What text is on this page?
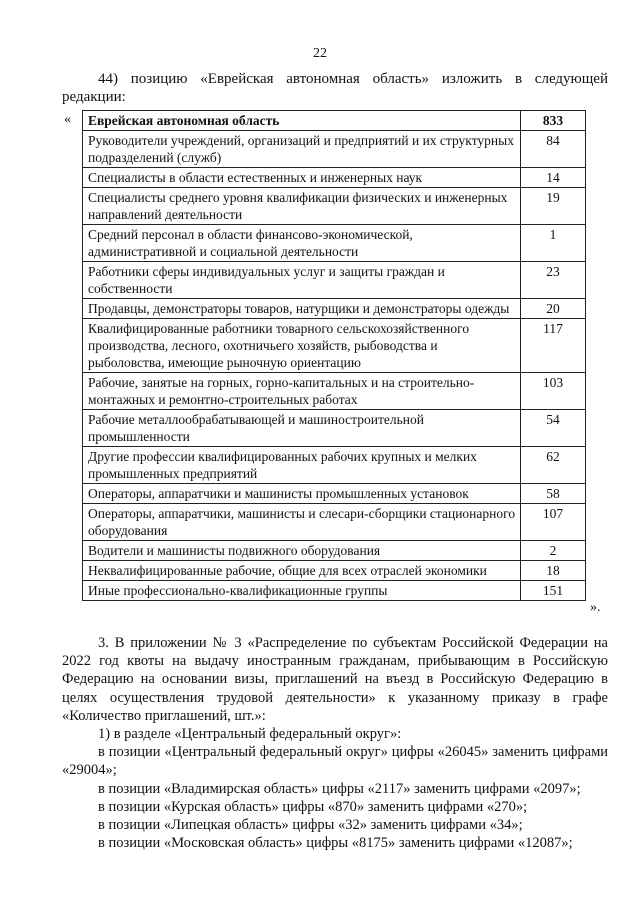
22

44) позицию «Еврейская автономная область» изложить в следующей редакции:

« Еврейская автономная область	833
Руководители учреждений, организаций и предприятий и их структурных подразделений (служб)	84
Специалисты в области естественных и инженерных наук	14
Специалисты среднего уровня квалификации физических и инженерных направлений деятельности	19
Средний персонал в области финансово-экономической, административной и социальной деятельности	1
Работники сферы индивидуальных услуг и защиты граждан и собственности	23
Продавцы, демонстраторы товаров, натурщики и демонстраторы одежды	20
Квалифицированные работники товарного сельскохозяйственного производства, лесного, охотничьего хозяйств, рыбоводства и рыболовства, имеющие рыночную ориентацию	117
Рабочие, занятые на горных, горно-капитальных и на строительно-монтажных и ремонтно-строительных работах	103
Рабочие металлообрабатывающей и машиностроительной промышленности	54
Другие профессии квалифицированных рабочих крупных и мелких промышленных предприятий	62
Операторы, аппаратчики и машинисты промышленных установок	58
Операторы, аппаратчики, машинисты и слесари-сборщики стационарного оборудования	107
Водители и машинисты подвижного оборудования	2
Неквалифицированные рабочие, общие для всех отраслей экономики	18
Иные профессионально-квалификационные группы	151
».

3. В приложении № 3 «Распределение по субъектам Российской Федерации на 2022 год квоты на выдачу иностранным гражданам, прибывающим в Российскую Федерацию на основании визы, приглашений на въезд в Российскую Федерацию в целях осуществления трудовой деятельности» к указанному приказу в графе «Количество приглашений, шт.»:

1) в разделе «Центральный федеральный округ»:

в позиции «Центральный федеральный округ» цифры «26045» заменить цифрами «29004»;

в позиции «Владимирская область» цифры «2117» заменить цифрами «2097»;

в позиции «Курская область» цифры «870» заменить цифрами «270»;

в позиции «Липецкая область» цифры «32» заменить цифрами «34»;

в позиции «Московская область» цифры «8175» заменить цифрами «12087»;
